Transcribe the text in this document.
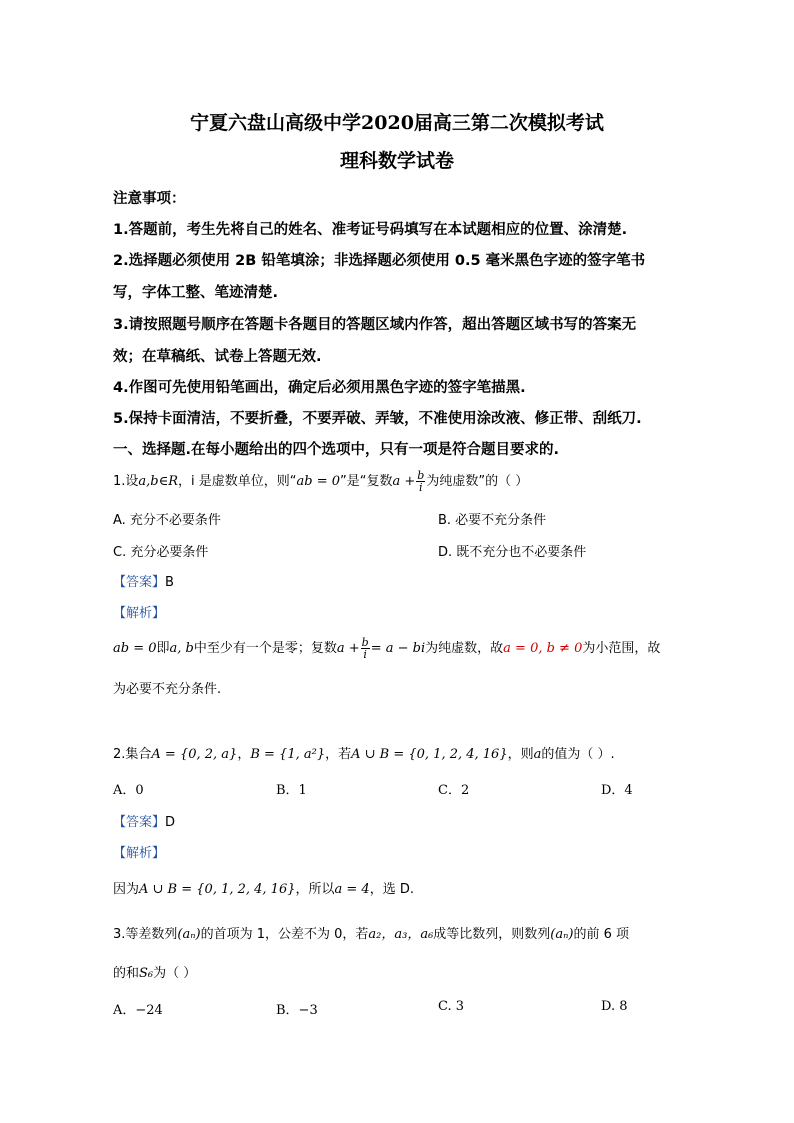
宁夏六盘山高级中学2020届高三第二次模拟考试
理科数学试卷
注意事项：
1.答题前，考生先将自己的姓名、准考证号码填写在本试题相应的位置、涂清楚.
2.选择题必须使用 2B 铅笔填涂；非选择题必须使用 0.5 毫米黑色字迹的签字笔书
写，字体工整、笔迹清楚.
3.请按照题号顺序在答题卡各题目的答题区域内作答，超出答题区域书写的答案无
效；在草稿纸、试卷上答题无效.
4.作图可先使用铅笔画出，确定后必须用黑色字迹的签字笔描黑.
5.保持卡面清洁，不要折叠，不要弄破、弄皱，不准使用涂改液、修正带、刮纸刀.
一、选择题.在每小题给出的四个选项中，只有一项是符合题目要求的.
1.设a,b∈R，i 是虚数单位，则“ab = 0”是“复数$a + \frac{b}{i}$ 为纯虚数”的（ ）
A. 充分不必要条件	B. 必要不充分条件
C. 充分必要条件	D. 既不充分也不必要条件
【答案】B
【解析】
ab = 0即a, b中至少有一个是零；复数$a + \frac{b}{i} = a$ − bi为纯虚数，故a = 0, b ≠ 0为小范围，故
为必要不充分条件.
2.集合A = {0, 2, a}，B = {1, a²}，若A ∪ B = {0, 1, 2, 4, 16}，则a的值为（ ）.
A．0	B．1	C．2	D．4
【答案】D
【解析】
因为A ∪ B = {0, 1, 2, 4, 16}，所以a = 4，选 D.
3.等差数列(aₙ)的首项为 1，公差不为 0，若a₂，a₃，a₆成等比数列，则数列(aₙ)的前 6 项
的和S₆为（ ）
A．−24	B．−3	C. 3	D. 8
